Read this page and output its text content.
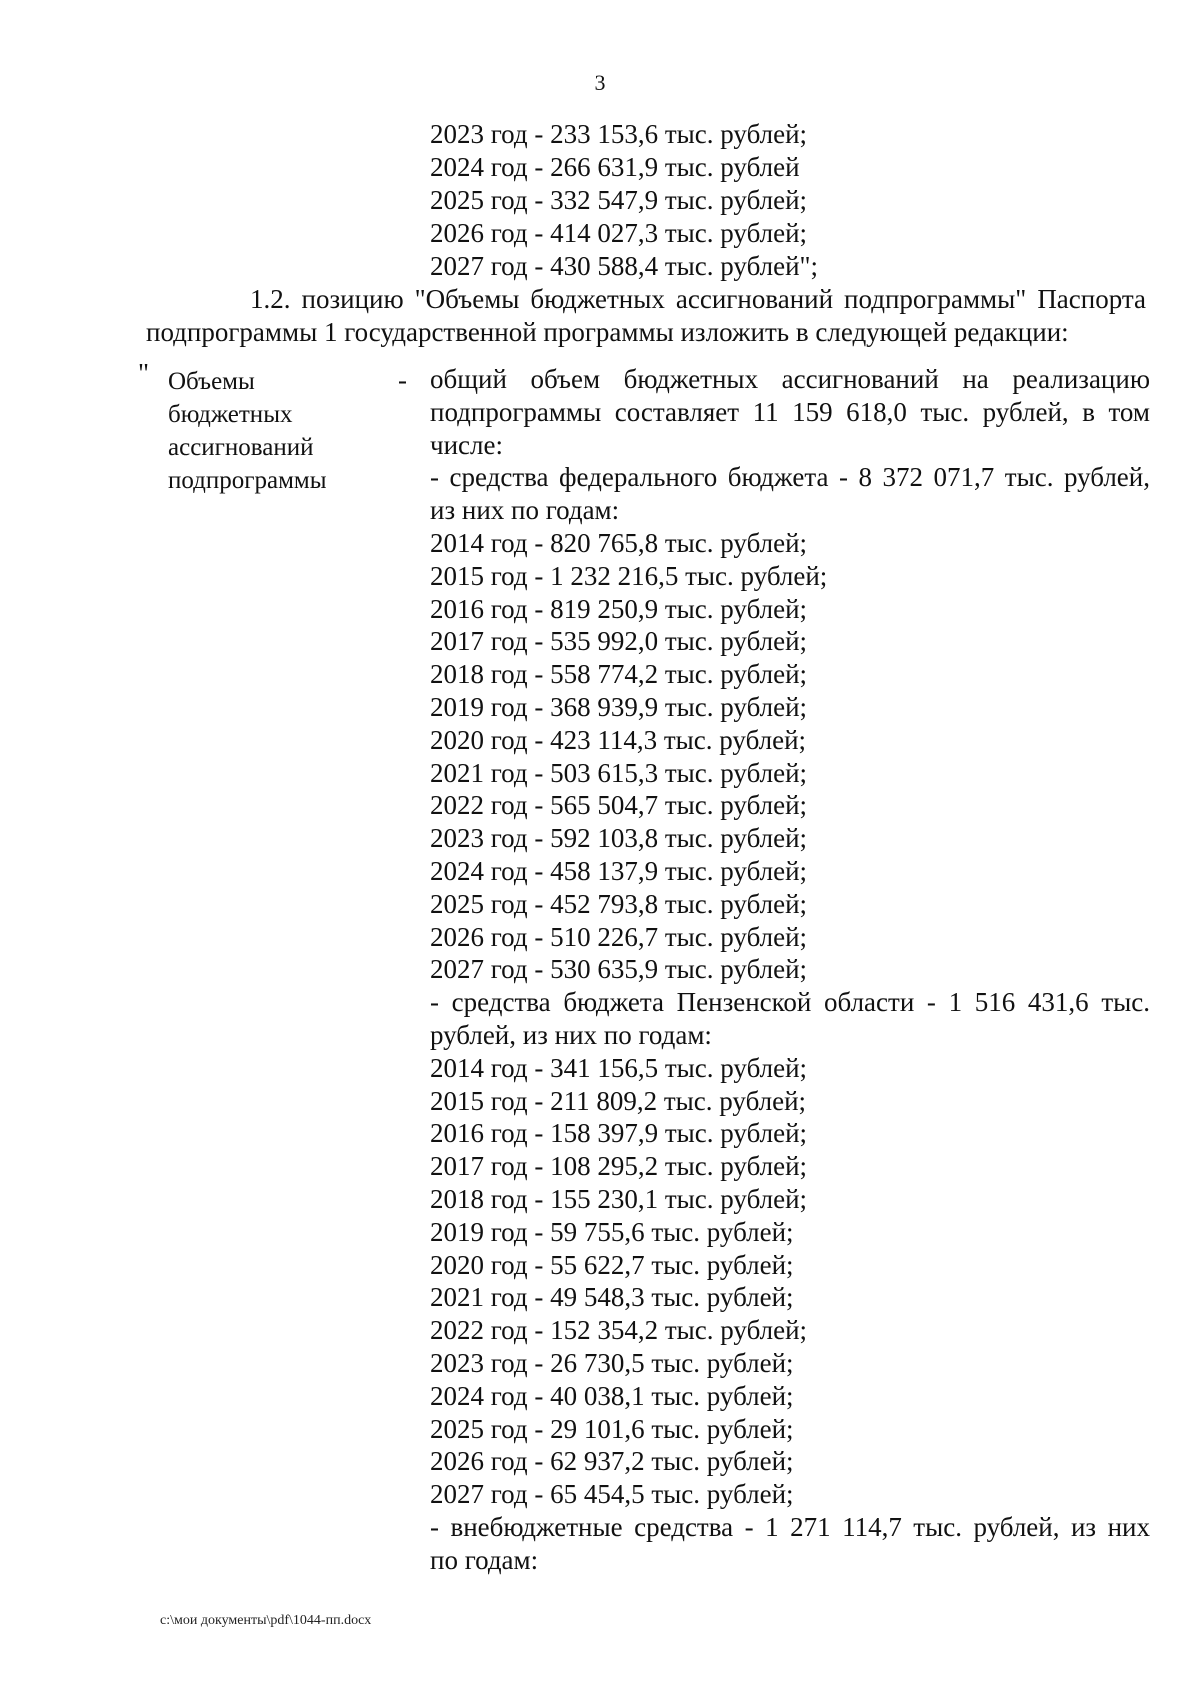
3
2023 год - 233 153,6 тыс. рублей;
2024 год - 266 631,9 тыс. рублей
2025 год - 332 547,9 тыс. рублей;
2026 год - 414 027,3 тыс. рублей;
2027 год - 430 588,4 тыс. рублей";
1.2. позицию "Объемы бюджетных ассигнований подпрограммы" Паспорта
подпрограммы 1 государственной программы изложить в следующей редакции:
" Объемы
бюджетных
ассигнований
подпрограммы
- общий объем бюджетных ассигнований на реализацию
подпрограммы составляет 11 159 618,0 тыс. рублей, в том
числе:
- средства федерального бюджета - 8 372 071,7 тыс. рублей,
из них по годам:
2014 год - 820 765,8 тыс. рублей;
2015 год - 1 232 216,5 тыс. рублей;
2016 год - 819 250,9 тыс. рублей;
2017 год - 535 992,0 тыс. рублей;
2018 год - 558 774,2 тыс. рублей;
2019 год - 368 939,9 тыс. рублей;
2020 год - 423 114,3 тыс. рублей;
2021 год - 503 615,3 тыс. рублей;
2022 год - 565 504,7 тыс. рублей;
2023 год - 592 103,8 тыс. рублей;
2024 год - 458 137,9 тыс. рублей;
2025 год - 452 793,8 тыс. рублей;
2026 год - 510 226,7 тыс. рублей;
2027 год - 530 635,9 тыс. рублей;
- средства бюджета Пензенской области - 1 516 431,6 тыс.
рублей, из них по годам:
2014 год - 341 156,5 тыс. рублей;
2015 год - 211 809,2 тыс. рублей;
2016 год - 158 397,9 тыс. рублей;
2017 год - 108 295,2 тыс. рублей;
2018 год - 155 230,1 тыс. рублей;
2019 год - 59 755,6 тыс. рублей;
2020 год - 55 622,7 тыс. рублей;
2021 год - 49 548,3 тыс. рублей;
2022 год - 152 354,2 тыс. рублей;
2023 год - 26 730,5 тыс. рублей;
2024 год - 40 038,1 тыс. рублей;
2025 год - 29 101,6 тыс. рублей;
2026 год - 62 937,2 тыс. рублей;
2027 год - 65 454,5 тыс. рублей;
- внебюджетные средства - 1 271 114,7 тыс. рублей, из них
по годам:
c:\мои документы\pdf\1044-пп.docx
